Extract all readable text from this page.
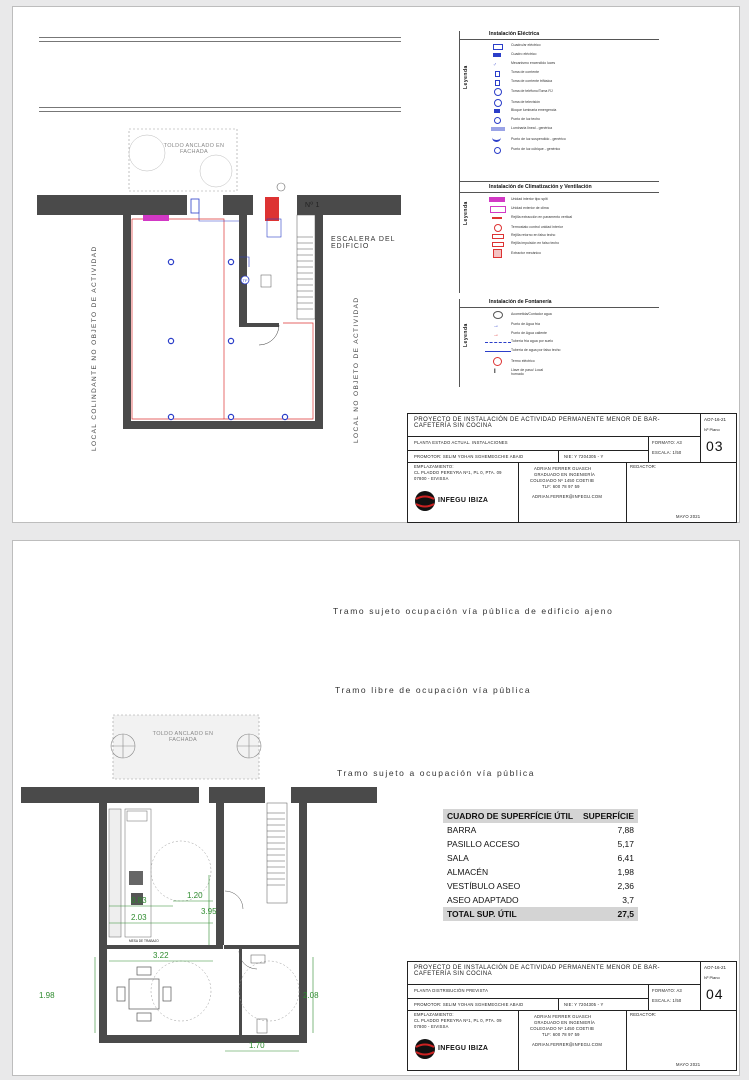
TF
TOLDO ANCLADO EN FACHADA
Nº 1
ESCALERA DEL EDIFICIO
LOCAL COLINDANTE NO OBJETO DE ACTIVIDAD	LOCAL NO OBJETO DE ACTIVIDAD
Instalación Eléctrica
Leyenda
Cuadro/ar eléctrico
Cuadro eléctrico
♂	Mecanismo encendido luces
Toma de corriente
Toma de corriente trifásica
Toma de teléfono/Toma RJ
Toma de televisión
Bloque luminaria emergencia
Punto de luz techo
Luminaria lineal - genérica
Punto de luz suspendido - genérico
Punto de luz cúbique - genérico
Instalación de Climatización y Ventilación
Leyenda
Unidad interior tipo split
Unidad exterior de clima
Rejilla extracción en paramento vertical
Termostato control unidad interior
Rejilla retorno en falso techo
Rejilla impulsión en falso techo
Extractor mecánico
Instalación de Fontanería
Leyenda
Acometida/Contador agua
→	Punto de Agua fría
→	Punto de Agua caliente
Tubería fría agua por suelo
Tubería de agua por falso techo
Termo eléctrico
I	Llave de paso/ Local hornado
PROYECTO DE INSTALACIÓN DE ACTIVIDAD PERMANENTE MENOR DE BAR-CAFETERÍA SIN COCINA
AO7-16-21
Nº Plano
03
PLANTA ESTADO ACTUAL. INSTALACIONES	FORMATO: A3
ESCALA: 1/50
PROMOTOR: SELIM YOHAN SGHEMEGCHIE ABAID	NIE: Y 7204305 - Y
EMPLAZAMIENTO:
CL PLADDO PEREYRA Nº1, PL 0, PTA. 09
07800 - EIVISSA
REDACTOR:
INFEGU IBIZA
ADRIAN FERRER GUASCH
GRADUADO EN INGENIERÍA
COLEGIADO Nº 1450 COETIIB
TLF: 600 78 97 59
ADRIAN.FERRER@INFEGU.COM
MAYO 2021
Tramo sujeto ocupación vía pública de edificio ajeno
Tramo libre de ocupación vía pública
Tramo sujeto a ocupación vía pública
TOLDO ANCLADO EN FACHADA
MESA DE TRABAJO
1.20
0.83
2.03
3.95
3.22
1.98	2.08
1.70
CUADRO DE SUPERFÍCIE ÚTIL	SUPERFÍCIE
BARRA	7,88
PASILLO ACCESO	5,17
SALA	6,41
ALMACÉN	1,98
VESTÍBULO ASEO	2,36
ASEO ADAPTADO	3,7
TOTAL SUP. ÚTIL	27,5
PROYECTO DE INSTALACIÓN DE ACTIVIDAD PERMANENTE MENOR DE BAR-CAFETERÍA SIN COCINA
AO7-16-21
Nº Plano
04
PLANTA DISTRIBUCIÓN PREVISTA	FORMATO: A3
ESCALA: 1/50
PROMOTOR: SELIM YOHAN SGHEMEGCHIE ABAID	NIE: Y 7204305 - Y
EMPLAZAMIENTO:
CL PLADDO PEREYRA Nº1, PL 0, PTA. 09
07800 - EIVISSA
REDACTOR:
INFEGU IBIZA
ADRIAN FERRER GUASCH
GRADUADO EN INGENIERÍA
COLEGIADO Nº 1450 COETIIB
TLF: 600 78 97 59
ADRIAN.FERRER@INFEGU.COM
MAYO 2021
